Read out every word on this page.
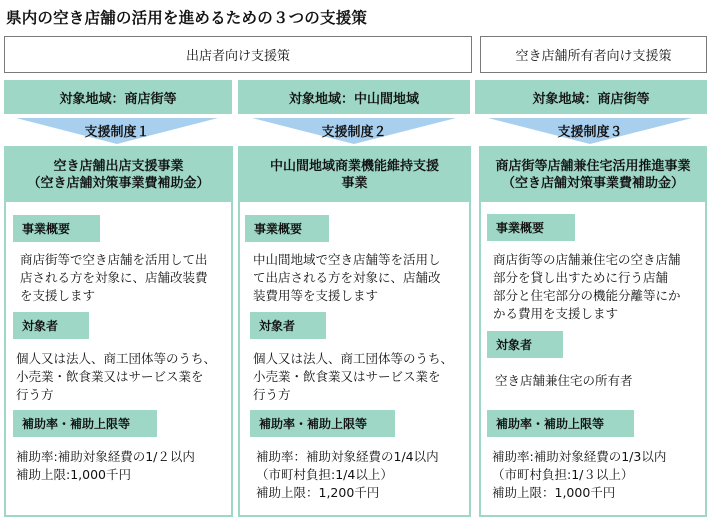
県内の空き店舗の活用を進めるための３つの支援策
出店者向け支援策	空き店舗所有者向け支援策
対象地域：商店街等	対象地域：中山間地域	対象地域：商店街等
支援制度１	支援制度２	支援制度３
空き店舗出店支援事業
（空き店舗対策事業費補助金）
事業概要
商店街等で空き店舗を活用して出
店される方を対象に、店舗改装費
を支援します
対象者
個人又は法人、商工団体等のうち、
小売業・飲食業又はサービス業を
行う方
補助率・補助上限等
補助率:補助対象経費の1/２以内
補助上限:1,000千円
中山間地域商業機能維持支援
事業
事業概要
中山間地域で空き店舗等を活用し
て出店される方を対象に、店舗改
装費用等を支援します
対象者
個人又は法人、商工団体等のうち、
小売業・飲食業又はサービス業を
行う方
補助率・補助上限等
補助率：補助対象経費の1/4以内
（市町村負担:1/4以上）
補助上限：1,200千円
商店街等店舗兼住宅活用推進事業
（空き店舗対策事業費補助金）
事業概要
商店街等の店舗兼住宅の空き店舗
部分を貸し出すために行う店舗
部分と住宅部分の機能分離等にか
かる費用を支援します
対象者
空き店舗兼住宅の所有者
補助率・補助上限等
補助率:補助対象経費の1/3以内
（市町村負担:1/３以上）
補助上限：1,000千円
